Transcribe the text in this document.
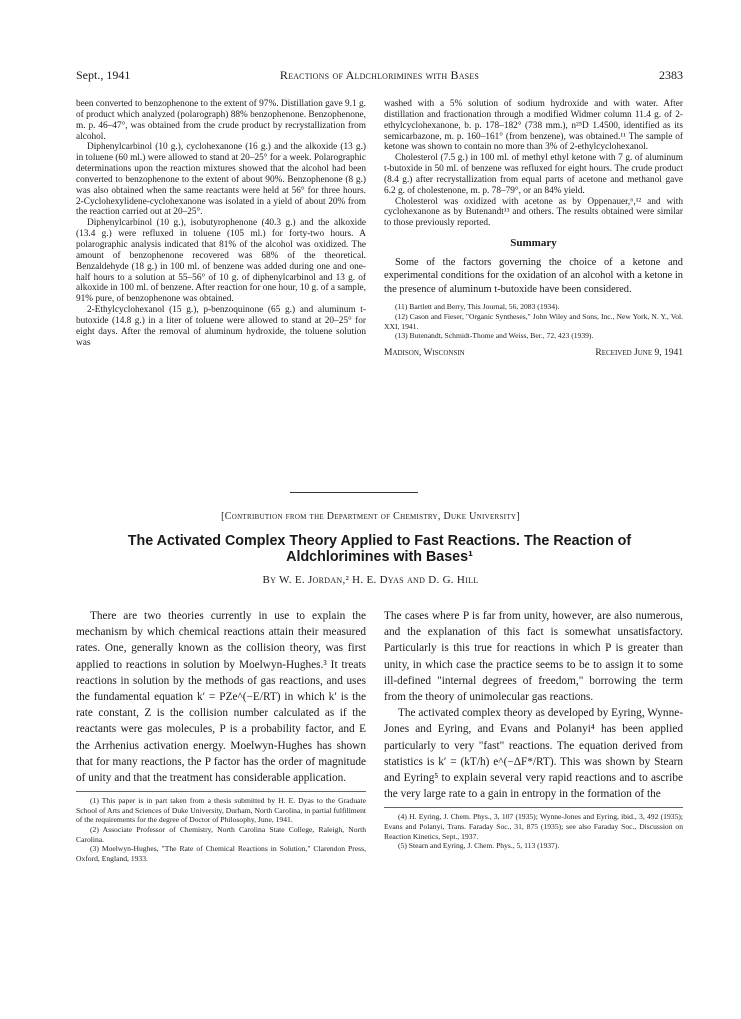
Sept., 1941	Reactions of Aldchlorimines with Bases	2383

been converted to benzophenone to the extent of 97%. Distillation gave 9.1 g. of product which analyzed (polarograph) 88% benzophenone. Benzophenone, m. p. 46–47°, was obtained from the crude product by recrystallization from alcohol.

Diphenylcarbinol (10 g.), cyclohexanone (16 g.) and the alkoxide (13 g.) in toluene (60 ml.) were allowed to stand at 20–25° for a week. Polarographic determinations upon the reaction mixtures showed that the alcohol had been converted to benzophenone to the extent of about 90%. Benzophenone (8 g.) was also obtained when the same reactants were held at 56° for three hours. 2-Cyclohexylidene-cyclohexanone was isolated in a yield of about 20% from the reaction carried out at 20–25°.

Diphenylcarbinol (10 g.), isobutyrophenone (40.3 g.) and the alkoxide (13.4 g.) were refluxed in toluene (105 ml.) for forty-two hours. A polarographic analysis indicated that 81% of the alcohol was oxidized. The amount of benzophenone recovered was 68% of the theoretical. Benzaldehyde (18 g.) in 100 ml. of benzene was added during one and one-half hours to a solution at 55–56° of 10 g. of diphenylcarbinol and 13 g. of alkoxide in 100 ml. of benzene. After reaction for one hour, 10 g. of a sample, 91% pure, of benzophenone was obtained.

2-Ethylcyclohexanol (15 g.), p-benzoquinone (65 g.) and aluminum t-butoxide (14.8 g.) in a liter of toluene were allowed to stand at 20–25° for eight days. After the removal of aluminum hydroxide, the toluene solution was

washed with a 5% solution of sodium hydroxide and with water. After distillation and fractionation through a modified Widmer column 11.4 g. of 2-ethylcyclohexanone, b. p. 178–182° (738 mm.), n²⁵D 1.4500, identified as its semicarbazone, m. p. 160–161° (from benzene), was obtained.¹¹ The sample of ketone was shown to contain no more than 3% of 2-ethylcyclohexanol.

Cholesterol (7.5 g.) in 100 ml. of methyl ethyl ketone with 7 g. of aluminum t-butoxide in 50 ml. of benzene was refluxed for eight hours. The crude product (8.4 g.) after recrystallization from equal parts of acetone and methanol gave 6.2 g. of cholestenone, m. p. 78–79°, or an 84% yield.

Cholesterol was oxidized with acetone as by Oppenauer,⁶,¹² and with cyclohexanone as by Butenandt¹³ and others. The results obtained were similar to those previously reported.

Summary

Some of the factors governing the choice of a ketone and experimental conditions for the oxidation of an alcohol with a ketone in the presence of aluminum t-butoxide have been considered.

(11) Bartlett and Berry, This Journal, 56, 2083 (1934).

(12) Cason and Fieser, "Organic Syntheses," John Wiley and Sons, Inc., New York, N. Y., Vol. XXI, 1941.

(13) Butenandt, Schmidt-Thome and Weiss, Ber., 72, 423 (1939).

Madison, Wisconsin	Received June 9, 1941
[Contribution from the Department of Chemistry, Duke University]
The Activated Complex Theory Applied to Fast Reactions. The Reaction of Aldchlorimines with Bases¹
By W. E. Jordan,² H. E. Dyas and D. G. Hill

There are two theories currently in use to explain the mechanism by which chemical reactions attain their measured rates. One, generally known as the collision theory, was first applied to reactions in solution by Moelwyn-Hughes.³ It treats reactions in solution by the methods of gas reactions, and uses the fundamental equation k′ = PZe^(−E/RT) in which k′ is the rate constant, Z is the collision number calculated as if the reactants were gas molecules, P is a probability factor, and E the Arrhenius activation energy. Moelwyn-Hughes has shown that for many reactions, the P factor has the order of magnitude of unity and that the treatment has considerable application.

(1) This paper is in part taken from a thesis submitted by H. E. Dyas to the Graduate School of Arts and Sciences of Duke University, Durham, North Carolina, in partial fulfillment of the requirements for the degree of Doctor of Philosophy, June, 1941.

(2) Associate Professor of Chemistry, North Carolina State College, Raleigh, North Carolina.

(3) Moelwyn-Hughes, "The Rate of Chemical Reactions in Solution," Clarendon Press, Oxford, England, 1933.

The cases where P is far from unity, however, are also numerous, and the explanation of this fact is somewhat unsatisfactory. Particularly is this true for reactions in which P is greater than unity, in which case the practice seems to be to assign it to some ill-defined "internal degrees of freedom," borrowing the term from the theory of unimolecular gas reactions.

The activated complex theory as developed by Eyring, Wynne-Jones and Eyring, and Evans and Polanyi⁴ has been applied particularly to very "fast" reactions. The equation derived from statistics is k′ = (kT/h) e^(−ΔF*/RT). This was shown by Stearn and Eyring⁵ to explain several very rapid reactions and to ascribe the very large rate to a gain in entropy in the formation of the

(4) H. Eyring, J. Chem. Phys., 3, 107 (1935); Wynne-Jones and Eyring, ibid., 3, 492 (1935); Evans and Polanyi, Trans. Faraday Soc., 31, 875 (1935); see also Faraday Soc., Discussion on Reaction Kinetics, Sept., 1937.

(5) Stearn and Eyring, J. Chem. Phys., 5, 113 (1937).
